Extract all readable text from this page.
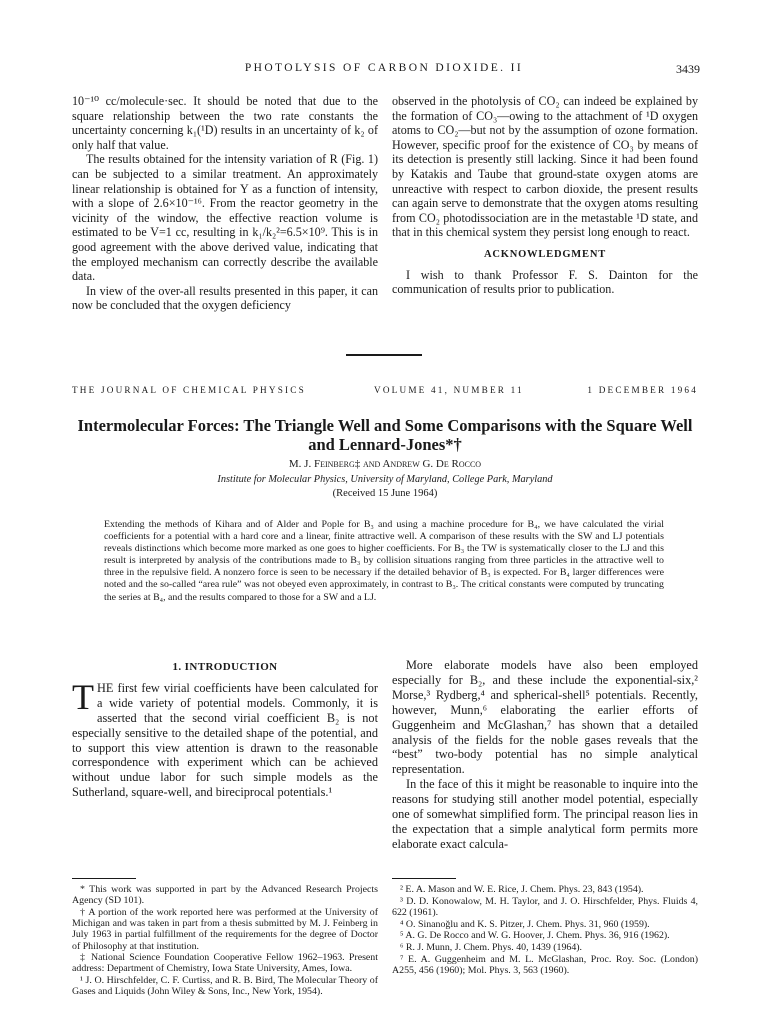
PHOTOLYSIS OF CARBON DIOXIDE. II	3439

10⁻¹⁰ cc/molecule·sec. It should be noted that due to the square relationship between the two rate constants the uncertainty concerning k₁(¹D) results in an uncertainty of k₂ of only half that value.

The results obtained for the intensity variation of R (Fig. 1) can be subjected to a similar treatment. An approximately linear relationship is obtained for Y as a function of intensity, with a slope of 2.6×10⁻¹⁶. From the reactor geometry in the vicinity of the window, the effective reaction volume is estimated to be V=1 cc, resulting in k₁/k₂²=6.5×10⁹. This is in good agreement with the above derived value, indicating that the employed mechanism can correctly describe the available data.

In view of the over-all results presented in this paper, it can now be concluded that the oxygen deficiency

observed in the photolysis of CO₂ can indeed be explained by the formation of CO₃—owing to the attachment of ¹D oxygen atoms to CO₂—but not by the assumption of ozone formation. However, specific proof for the existence of CO₃ by means of its detection is presently still lacking. Since it had been found by Katakis and Taube that ground-state oxygen atoms are unreactive with respect to carbon dioxide, the present results can again serve to demonstrate that the oxygen atoms resulting from CO₂ photodissociation are in the metastable ¹D state, and that in this chemical system they persist long enough to react.

ACKNOWLEDGMENT

I wish to thank Professor F. S. Dainton for the communication of results prior to publication.

THE JOURNAL OF CHEMICAL PHYSICS	VOLUME 41, NUMBER 11	1 DECEMBER 1964
Intermolecular Forces: The Triangle Well and Some Comparisons with the Square Well
and Lennard-Jones*†
M. J. Feinberg‡ and Andrew G. De Rocco
Institute for Molecular Physics, University of Maryland, College Park, Maryland
(Received 15 June 1964)
Extending the methods of Kihara and of Alder and Pople for B₃ and using a machine procedure for B₄, we have calculated the virial coefficients for a potential with a hard core and a linear, finite attractive well. A comparison of these results with the SW and LJ potentials reveals distinctions which become more marked as one goes to higher coefficients. For B₃ the TW is systematically closer to the LJ and this result is interpreted by analysis of the contributions made to B₃ by collision situations ranging from three particles in the attractive well to three in the repulsive field. A nonzero force is seen to be necessary if the detailed behavior of B₃ is expected. For B₄ larger differences were noted and the so-called “area rule” was not obeyed even approximately, in contrast to B₃. The critical constants were computed by truncating the series at B₄, and the results compared to those for a SW and a LJ.
1. INTRODUCTION

THE first few virial coefficients have been calculated for a wide variety of potential models. Commonly, it is asserted that the second virial coefficient B₂ is not especially sensitive to the detailed shape of the potential, and to support this view attention is drawn to the reasonable correspondence with experiment which can be achieved without undue labor for such simple models as the Sutherland, square-well, and bireciprocal potentials.¹

More elaborate models have also been employed especially for B₂, and these include the exponential-six,² Morse,³ Rydberg,⁴ and spherical-shell⁵ potentials. Recently, however, Munn,⁶ elaborating the earlier efforts of Guggenheim and McGlashan,⁷ has shown that a detailed analysis of the fields for the noble gases reveals that the “best” two-body potential has no simple analytical representation.

In the face of this it might be reasonable to inquire into the reasons for studying still another model potential, especially one of somewhat simplified form. The principal reason lies in the expectation that a simple analytical form permits more elaborate exact calcula-

* This work was supported in part by the Advanced Research Projects Agency (SD 101).

† A portion of the work reported here was performed at the University of Michigan and was taken in part from a thesis submitted by M. J. Feinberg in July 1963 in partial fulfillment of the requirements for the degree of Doctor of Philosophy at that institution.

‡ National Science Foundation Cooperative Fellow 1962–1963. Present address: Department of Chemistry, Iowa State University, Ames, Iowa.

¹ J. O. Hirschfelder, C. F. Curtiss, and R. B. Bird, The Molecular Theory of Gases and Liquids (John Wiley & Sons, Inc., New York, 1954).

² E. A. Mason and W. E. Rice, J. Chem. Phys. 23, 843 (1954).

³ D. D. Konowalow, M. H. Taylor, and J. O. Hirschfelder, Phys. Fluids 4, 622 (1961).

⁴ O. Sinanoğlu and K. S. Pitzer, J. Chem. Phys. 31, 960 (1959).

⁵ A. G. De Rocco and W. G. Hoover, J. Chem. Phys. 36, 916 (1962).

⁶ R. J. Munn, J. Chem. Phys. 40, 1439 (1964).

⁷ E. A. Guggenheim and M. L. McGlashan, Proc. Roy. Soc. (London) A255, 456 (1960); Mol. Phys. 3, 563 (1960).
